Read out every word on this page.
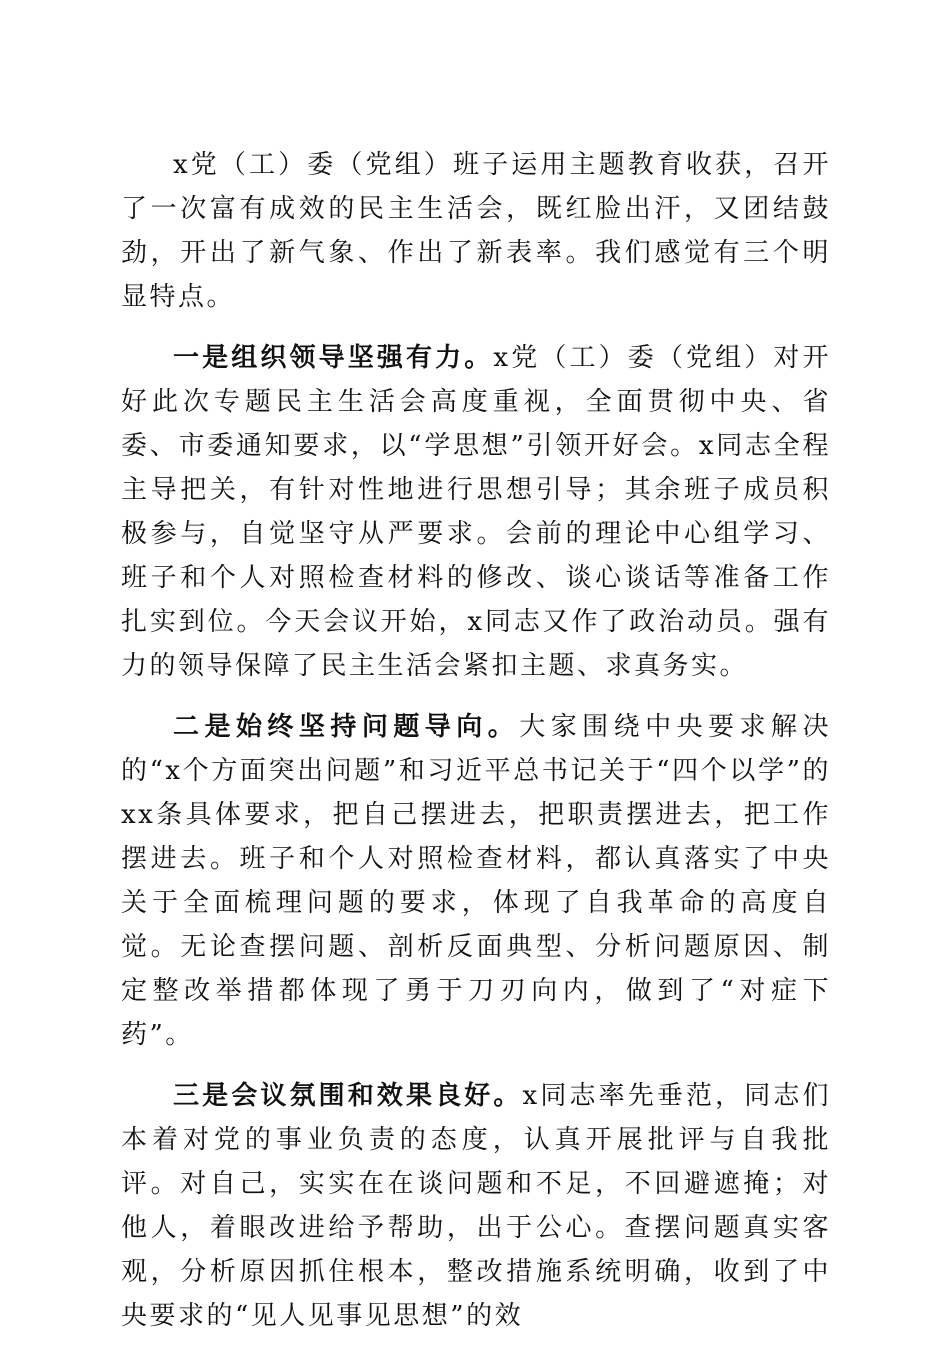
x党（工）委（党组）班子运用主题教育收获，召开了一次富有成效的民主生活会，既红脸出汗，又团结鼓劲，开出了新气象、作出了新表率。我们感觉有三个明显特点。

一是组织领导坚强有力。x党（工）委（党组）对开好此次专题民主生活会高度重视，全面贯彻中央、省委、市委通知要求，以“学思想”引领开好会。x同志全程主导把关，有针对性地进行思想引导；其余班子成员积极参与，自觉坚守从严要求。会前的理论中心组学习、班子和个人对照检查材料的修改、谈心谈话等准备工作扎实到位。今天会议开始，x同志又作了政治动员。强有力的领导保障了民主生活会紧扣主题、求真务实。

二是始终坚持问题导向。大家围绕中央要求解决的“x个方面突出问题”和习近平总书记关于“四个以学”的xx条具体要求，把自己摆进去，把职责摆进去，把工作摆进去。班子和个人对照检查材料，都认真落实了中央关于全面梳理问题的要求，体现了自我革命的高度自觉。无论查摆问题、剖析反面典型、分析问题原因、制定整改举措都体现了勇于刀刃向内，做到了“对症下药”。

三是会议氛围和效果良好。x同志率先垂范，同志们本着对党的事业负责的态度，认真开展批评与自我批评。对自己，实实在在谈问题和不足，不回避遮掩；对他人，着眼改进给予帮助，出于公心。查摆问题真实客观，分析原因抓住根本，整改措施系统明确，收到了中央要求的“见人见事见思想”的效
